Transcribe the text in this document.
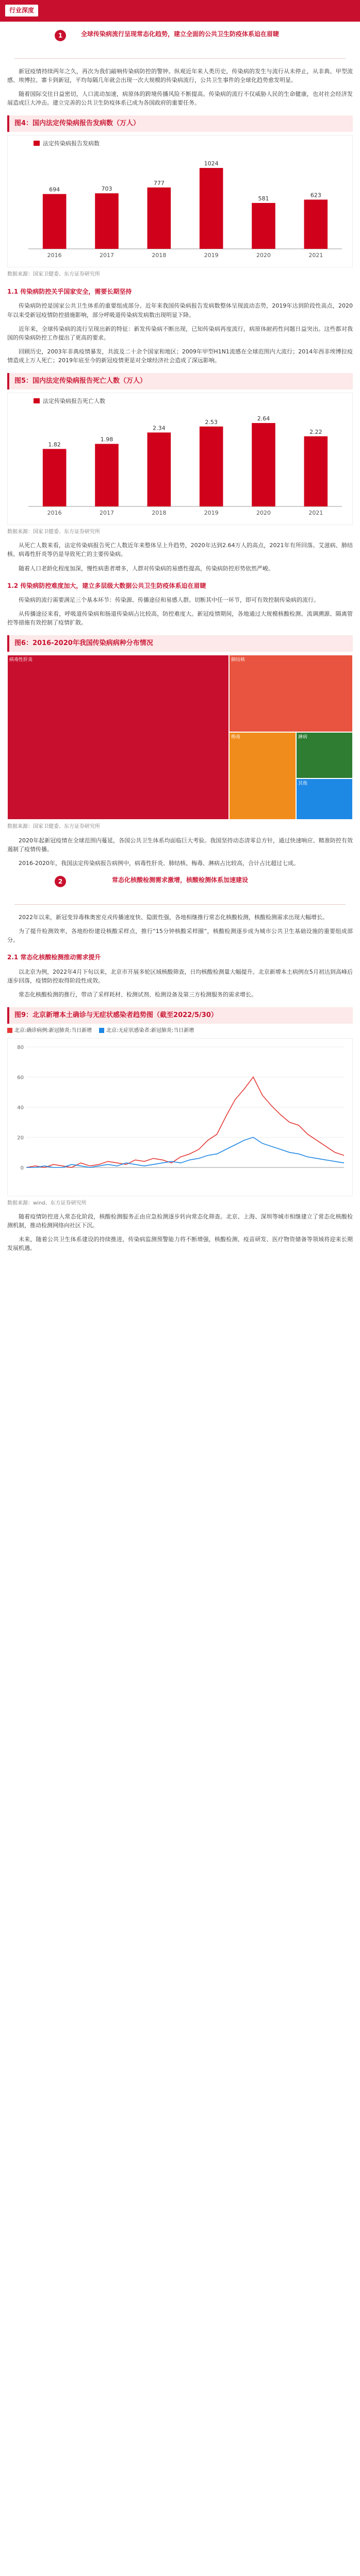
行业深度
1	全球传染病流行呈现常态化趋势，建立全面的公共卫生防疫体系迫在眉睫

新冠疫情持续两年之久，再次为我们敲响传染病防控的警钟。纵观近年来人类历史，传染病的发生与流行从未停止，从非典、甲型流感、埃博拉、寨卡到新冠，平均每隔几年就会出现一次大规模的传染病流行，公共卫生事件的全球化趋势愈发明显。

随着国际交往日益密切，人口流动加速，病原体的跨境传播风险不断提高。传染病的流行不仅威胁人民的生命健康，也对社会经济发展造成巨大冲击。建立完善的公共卫生防疫体系已成为各国政府的重要任务。

图4：国内法定传染病报告发病数（万人）
法定传染病报告发病数
694
2016
703
2017
777
2018
1024
2019
581
2020
623
2021
数据来源：国家卫健委、东方证券研究所
1.1 传染病防控关乎国家安全，需要长期坚持

传染病防控是国家公共卫生体系的重要组成部分。近年来我国传染病报告发病数整体呈现波动态势，2019年达到阶段性高点，2020年以来受新冠疫情防控措施影响，部分呼吸道传染病发病数出现明显下降。

近年来，全球传染病的流行呈现出新的特征：新发传染病不断出现，已知传染病再度流行，病原体耐药性问题日益突出。这些都对我国的传染病防控工作提出了更高的要求。

回顾历史，2003年非典疫情暴发，共波及二十余个国家和地区；2009年甲型H1N1流感在全球范围内大流行；2014年西非埃博拉疫情造成上万人死亡；2019年底至今的新冠疫情更是对全球经济社会造成了深远影响。

图5：国内法定传染病报告死亡人数（万人）
法定传染病报告死亡人数
1.82
2016
1.98
2017
2.34
2018
2.53
2019
2.64
2020
2.22
2021
数据来源：国家卫健委、东方证券研究所

从死亡人数来看，法定传染病报告死亡人数近年来整体呈上升趋势，2020年达到2.64万人的高点，2021年有所回落。艾滋病、肺结核、病毒性肝炎等仍是导致死亡的主要传染病。

随着人口老龄化程度加深，慢性病患者增多，人群对传染病的易感性提高，传染病防控形势依然严峻。

1.2 传染病防控难度加大，建立多层级大数据公共卫生防疫体系迫在眉睫

传染病的流行需要满足三个基本环节：传染源、传播途径和易感人群。切断其中任一环节，即可有效控制传染病的流行。

从传播途径来看，呼吸道传染病和肠道传染病占比较高，防控难度大。新冠疫情期间，各地通过大规模核酸检测、流调溯源、隔离管控等措施有效控制了疫情扩散。

图6：2016-2020年我国传染病病种分布情况
病毒性肝炎	肺结核
梅毒	淋病
其他
数据来源：国家卫健委、东方证券研究所

2020年起新冠疫情在全球范围内蔓延，各国公共卫生体系均面临巨大考验。我国坚持动态清零总方针，通过快速响应、精准防控有效遏制了疫情传播。

2016-2020年，我国法定传染病报告病例中，病毒性肝炎、肺结核、梅毒、淋病占比较高，合计占比超过七成。

2	常态化核酸检测需求激增，核酸检测体系加速建设

2022年以来，新冠变异毒株奥密克戎传播速度快、隐匿性强，各地相继推行常态化核酸检测，核酸检测需求出现大幅增长。

为了提升检测效率，各地纷纷建设核酸采样点，推行“15分钟核酸采样圈”，核酸检测逐步成为城市公共卫生基础设施的重要组成部分。

2.1 常态化核酸检测推动需求提升

以北京为例，2022年4月下旬以来，北京市开展多轮区域核酸筛查，日均核酸检测量大幅提升。北京新增本土病例在5月初达到高峰后逐步回落，疫情防控取得阶段性成效。

常态化核酸检测的推行，带动了采样耗材、检测试剂、检测设备及第三方检测服务的需求增长。

图9：北京新增本土确诊与无症状感染者趋势图（截至2022/5/30）
北京:确诊病例:新冠肺炎:当日新增	北京:无症状感染者:新冠肺炎:当日新增
0
20
40
60
80
数据来源：wind、东方证券研究所

随着疫情防控进入常态化阶段，核酸检测服务正由应急检测逐步转向常态化筛查。北京、上海、深圳等城市相继建立了常态化核酸检测机制，推动检测网络向社区下沉。

未来，随着公共卫生体系建设的持续推进，传染病监测预警能力将不断增强，核酸检测、疫苗研发、医疗物资储备等领域将迎来长期发展机遇。
